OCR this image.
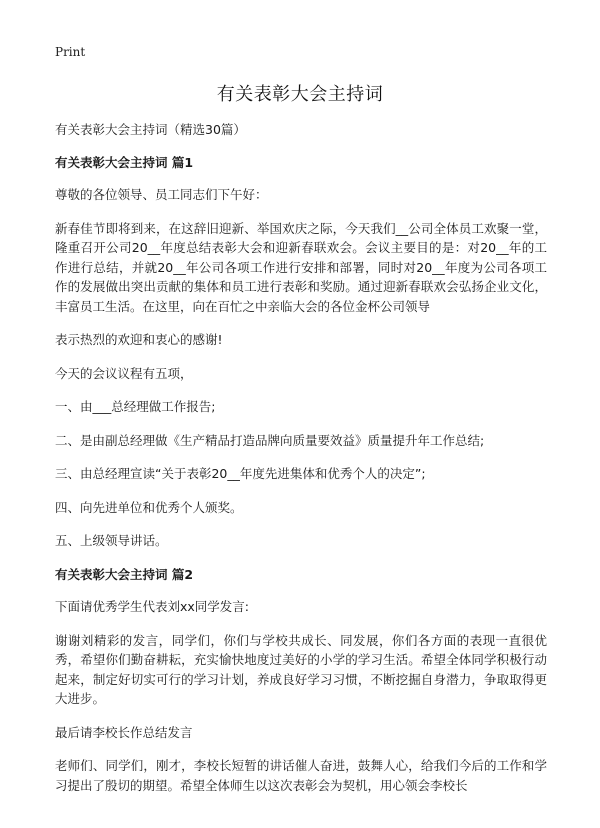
Print
有关表彰大会主持词

有关表彰大会主持词（精选30篇）

有关表彰大会主持词 篇1

尊敬的各位领导、员工同志们下午好：

新春佳节即将到来，在这辞旧迎新、举国欢庆之际，今天我们__公司全体员工欢聚一堂，隆重召开公司20__年度总结表彰大会和迎新春联欢会。会议主要目的是：对20__年的工作进行总结，并就20__年公司各项工作进行安排和部署，同时对20__年度为公司各项工作的发展做出突出贡献的集体和员工进行表彰和奖励。通过迎新春联欢会弘扬企业文化，丰富员工生活。在这里，向在百忙之中亲临大会的各位金杯公司领导

表示热烈的欢迎和衷心的感谢!

今天的会议议程有五项，

一、由___总经理做工作报告;

二、是由副总经理做《生产精品打造品牌向质量要效益》质量提升年工作总结;

三、由总经理宣读“关于表彰20__年度先进集体和优秀个人的决定”;

四、向先进单位和优秀个人颁奖。

五、上级领导讲话。

有关表彰大会主持词 篇2

下面请优秀学生代表刘xx同学发言:

谢谢刘精彩的发言，同学们，你们与学校共成长、同发展，你们各方面的表现一直很优秀，希望你们勤奋耕耘，充实愉快地度过美好的小学的学习生活。希望全体同学积极行动起来，制定好切实可行的学习计划，养成良好学习习惯，不断挖掘自身潜力，争取取得更大进步。

最后请李校长作总结发言

老师们、同学们，刚才，李校长短暂的讲话催人奋进，鼓舞人心，给我们今后的工作和学习提出了殷切的期望。希望全体师生以这次表彰会为契机，用心领会李校长
